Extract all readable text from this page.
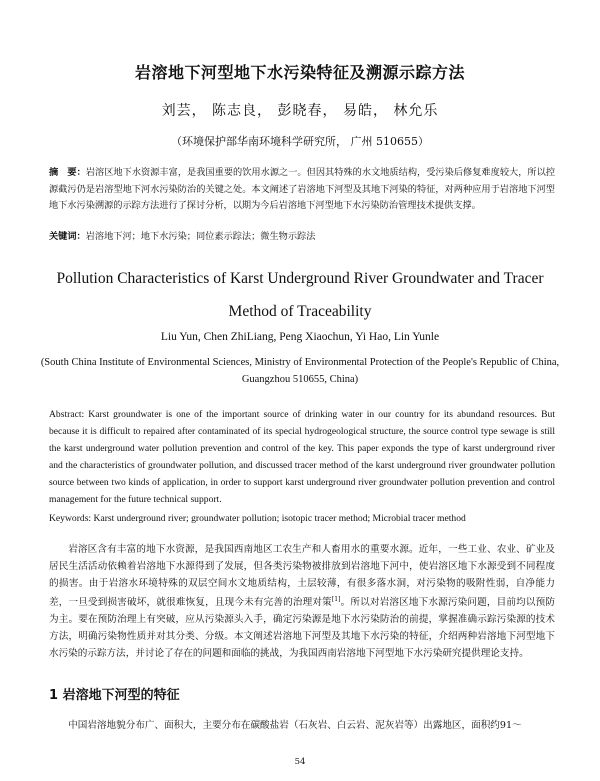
岩溶地下河型地下水污染特征及溯源示踪方法
刘芸， 陈志良， 彭晓春， 易皓， 林允乐
（环境保护部华南环境科学研究所， 广州 510655）
摘　要：岩溶区地下水资源丰富，是我国重要的饮用水源之一。但因其特殊的水文地质结构，受污染后修复难度较大，所以控源截污仍是岩溶型地下河水污染防治的关键之处。本文阐述了岩溶地下河型及其地下河染的特征，对两种应用于岩溶地下河型地下水污染溯源的示踪方法进行了探讨分析，以期为今后岩溶地下河型地下水污染防治管理技术提供支撑。
关键词：岩溶地下河；地下水污染；同位素示踪法；微生物示踪法
Pollution Characteristics of Karst Underground River Groundwater and Tracer
Method of Traceability
Liu Yun, Chen ZhiLiang, Peng Xiaochun, Yi Hao, Lin Yunle
(South China Institute of Environmental Sciences, Ministry of Environmental Protection of the People's Republic of China, Guangzhou 510655, China)
Abstract: Karst groundwater is one of the important source of drinking water in our country for its abundand resources. But because it is difficult to repaired after contaminated of its special hydrogeological structure, the source control type sewage is still the karst underground water pollution prevention and control of the key. This paper exponds the type of karst underground river and the characteristics of groundwater pollution, and discussed tracer method of the karst underground river groundwater pollution source between two kinds of application, in order to support karst underground river groundwater pollution prevention and control management for the future technical support.
Keywords: Karst underground river; groundwater pollution; isotopic tracer method; Microbial tracer method
岩溶区含有丰富的地下水资源，是我国西南地区工农生产和人畜用水的重要水源。近年，一些工业、农业、矿业及居民生活活动依赖着岩溶地下水源得到了发展，但各类污染物被排放到岩溶地下河中，使岩溶区地下水源受到不同程度的损害。由于岩溶水环境特殊的双层空间水文地质结构，土层较薄，有很多落水洞，对污染物的吸附性弱，自净能力差，一旦受到损害破坏，就很难恢复，且现今未有完善的治理对策[1]。所以对岩溶区地下水源污染问题，目前均以预防为主。要在预防治理上有突破，应从污染源头入手，确定污染源是地下水污染防治的前提，掌握准确示踪污染源的技术方法，明确污染物性质并对其分类、分级。本文阐述岩溶地下河型及其地下水污染的特征，介绍两种岩溶地下河型地下水污染的示踪方法，并讨论了存在的问题和面临的挑战，为我国西南岩溶地下河型地下水污染研究提供理论支持。
1 岩溶地下河型的特征
中国岩溶地貌分布广、面积大，主要分布在碳酸盐岩（石灰岩、白云岩、泥灰岩等）出露地区，面积约91～
54
